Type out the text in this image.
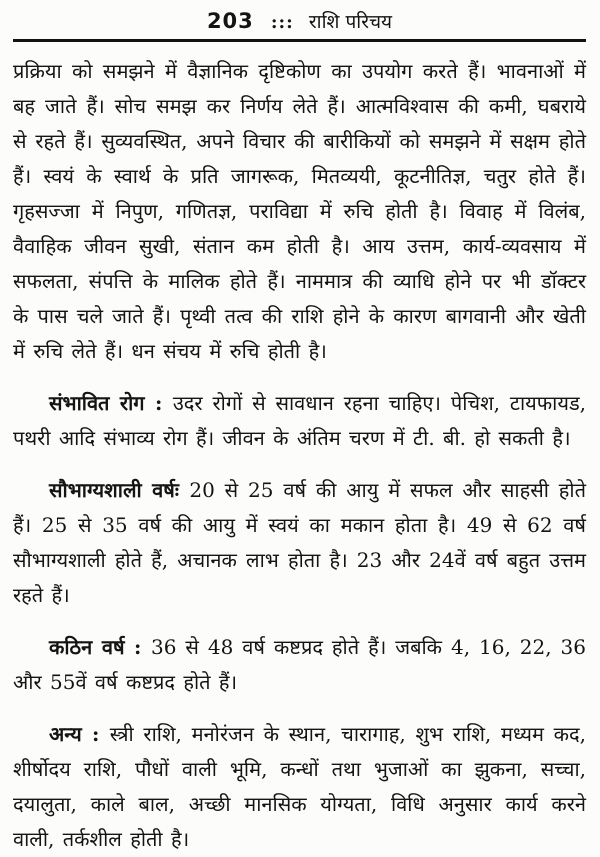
203 ::: राशि परिचय

प्रक्रिया को समझने में वैज्ञानिक दृष्टिकोण का उपयोग करते हैं। भावनाओं में बह जाते हैं। सोच समझ कर निर्णय लेते हैं। आत्मविश्वास की कमी, घबराये से रहते हैं। सुव्यवस्थित, अपने विचार की बारीकियों को समझने में सक्षम होते हैं। स्वयं के स्वार्थ के प्रति जागरूक, मितव्ययी, कूटनीतिज्ञ, चतुर होते हैं। गृहसज्जा में निपुण, गणितज्ञ, पराविद्या में रुचि होती है। विवाह में विलंब, वैवाहिक जीवन सुखी, संतान कम होती है। आय उत्तम, कार्य-व्यवसाय में सफलता, संपत्ति के मालिक होते हैं। नाममात्र की व्याधि होने पर भी डॉक्टर के पास चले जाते हैं। पृथ्वी तत्व की राशि होने के कारण बागवानी और खेती में रुचि लेते हैं। धन संचय में रुचि होती है।

संभावित रोग : उदर रोगों से सावधान रहना चाहिए। पेचिश, टायफायड, पथरी आदि संभाव्य रोग हैं। जीवन के अंतिम चरण में टी. बी. हो सकती है।

सौभाग्यशाली वर्षः 20 से 25 वर्ष की आयु में सफल और साहसी होते हैं। 25 से 35 वर्ष की आयु में स्वयं का मकान होता है। 49 से 62 वर्ष सौभाग्यशाली होते हैं, अचानक लाभ होता है। 23 और 24वें वर्ष बहुत उत्तम रहते हैं।

कठिन वर्ष : 36 से 48 वर्ष कष्टप्रद होते हैं। जबकि 4, 16, 22, 36 और 55वें वर्ष कष्टप्रद होते हैं।

अन्य : स्त्री राशि, मनोरंजन के स्थान, चारागाह, शुभ राशि, मध्यम कद, शीर्षोदय राशि, पौधों वाली भूमि, कन्धों तथा भुजाओं का झुकना, सच्चा, दयालुता, काले बाल, अच्छी मानसिक योग्यता, विधि अनुसार कार्य करने वाली, तर्कशील होती है।
